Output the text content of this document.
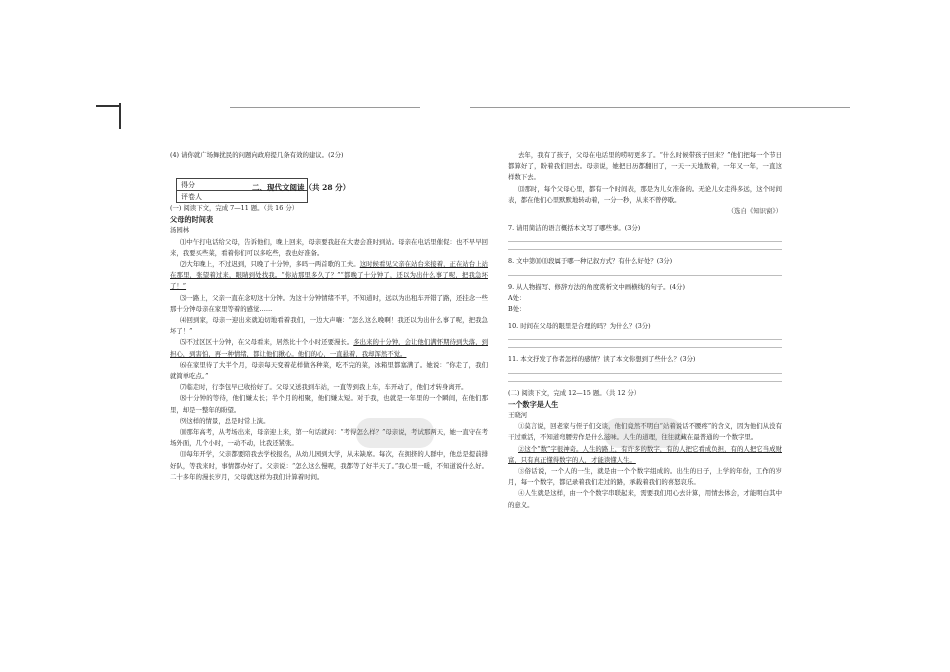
(4) 请你就广场舞扰民的问题向政府提几条有效的建议。(2分)

得分
评卷人
二、现代文阅读（共 28 分）

(一) 阅读下文，完成 7—11 题。（共 16 分）

父母的时间表

汤园林

⑴中午打电话给父母，告诉他们，晚上回来，母亲要我赶在大妻会准时到站。母亲在电话里催促：也不早早回来，我要买些菜，看着你们可以多吃些，我也好准备。

⑵大年晚上，不过迟到，只晚了十分钟，多吗一两首歌的工夫。这时候看见父亲在站台来接着，正在站台上站在那里，张望着过来，眼睛到处找我。“你站那里多久了？”“都晚了十分钟了，还以为出什么事了呢，把我急坏了！”

⑶一路上，父亲一直在念叨这十分钟。为这十分钟情绪不平，不知道时，远以为出租车开错了路，还挂念一些那十分钟母亲在家里等着的感觉……

⑷回到家，母亲一迎出来就迫切地看着我们，一边大声嚷：“怎么这么晚啊！我还以为出什么事了呢，把我急坏了！”

⑸不过区区十分钟，在父母看来，居然比十个小时还要漫长。多出来的十分钟，会让他们满怀期待到失落，到担心，到害怕，再一种情绪，都让他们揪心。他们的心，一直悬着，我却浑然不觉。

⑹在家里待了大半个月，母亲每天变着花样做各种菜，吃不完的菜，冰箱里都塞满了。她说：“你走了，我们就简单吃点。”

⑺临走时，行李包早已收拾好了。父母又送我到车站，一直等到我上车，车开动了，他们才转身离开。

⑻十分钟的等待，他们嫌太长；半个月的相聚，他们嫌太短。对于我，也就是一年里的一个瞬间，在他们那里，却是一整年的盼望。

⑼这样的情景，总是时常上演。

⑽那年高考，从考场出来，母亲迎上来，第一句话就问：“考得怎么样？”母亲说，考试那两天，她一直守在考场外面，几个小时，一动不动，比我还紧张。

⑾每年开学，父亲都要陪我去学校报名，从幼儿园到大学，从未缺席。每次，在拥挤的人群中，他总是提前排好队，等我来时，事情都办好了。父亲说：“怎么这么慢呢，我都等了好半天了。”我心里一暖，不知道说什么好。二十多年的漫长岁月，父母就这样为我们计算着时间。

去年，我有了孩子，父母在电话里的唠叨更多了。“什么时候带孩子回来？”他们把每一个节日都算好了，盼着我们回去。母亲说，她把日历都翻旧了，一天一天地数着，一年又一年，一直这样数下去。

⒀那时，每个父母心里，都有一个时间表，那是为儿女准备的。无论儿女走得多远，这个时间表，都在他们心里默默地转动着，一分一秒，从来不曾停歇。

（选自《知识窗》）

7. 请用简洁的语言概括本文写了哪些事。(3分)

8. 文中第⑽⑾段属于哪一种记叙方式？有什么好处？(3分)

9. 从人物描写、修辞方法的角度赏析文中画横线的句子。(4分)

A处：

B处：

10. 时间在父母的眼里是合理的吗？为什么？(3分)

11. 本文抒发了作者怎样的感情？读了本文你想到了些什么？(3分)

(二) 阅读下文，完成 12—15 题。（共 12 分）

一个数字是人生

王晓河

①莫言说，回老家与侄子们交谈，他们竟然不明白“站着说话不腰疼”的含义，因为他们从没有干过重活，不知道弯腰劳作是什么滋味。人生的道理，往往就藏在最普通的一个数字里。

②这个“数”字很神奇。人生的路上，有许多的数字，有的人把它看成负担，有的人把它当成财富，只有真正懂得数字的人，才能读懂人生。

③俗话说，一个人的一生，就是由一个个数字组成的。出生的日子，上学的年份，工作的岁月，每一个数字，都记录着我们走过的路，承载着我们的喜怒哀乐。

④人生就是这样，由一个个数字串联起来，需要我们用心去计算，用情去体会，才能明白其中的意义。
